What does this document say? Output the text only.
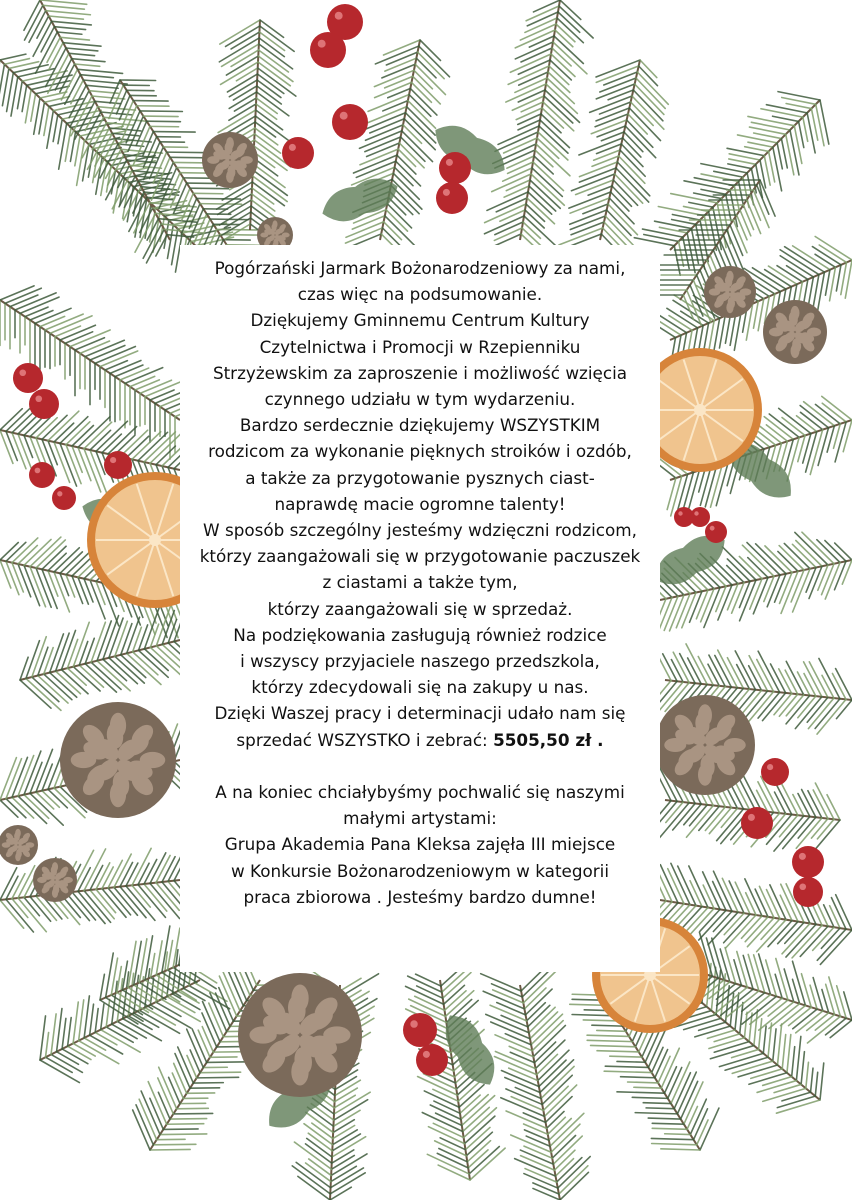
Pogórzański Jarmark Bożonarodzeniowy za nami,
czas więc na podsumowanie.
Dziękujemy Gminnemu Centrum Kultury
Czytelnictwa i Promocji w Rzepienniku
Strzyżewskim za zaproszenie i możliwość wzięcia
czynnego udziału w tym wydarzeniu.
Bardzo serdecznie dziękujemy WSZYSTKIM
rodzicom za wykonanie pięknych stroików i ozdób,
a także za przygotowanie pysznych ciast-
naprawdę macie ogromne talenty!
W sposób szczególny jesteśmy wdzięczni rodzicom,
którzy zaangażowali się w przygotowanie paczuszek
z ciastami a także tym,
którzy zaangażowali się w sprzedaż.
Na podziękowania zasługują również rodzice
i wszyscy przyjaciele naszego przedszkola,
którzy zdecydowali się na zakupy u nas.
Dzięki Waszej pracy i determinacji udało nam się
sprzedać WSZYSTKO i zebrać: 5505,50 zł .
A na koniec chciałybyśmy pochwalić się naszymi
małymi artystami:
Grupa Akademia Pana Kleksa zajęła III miejsce
w Konkursie Bożonarodzeniowym w kategorii
praca zbiorowa . Jesteśmy bardzo dumne!
